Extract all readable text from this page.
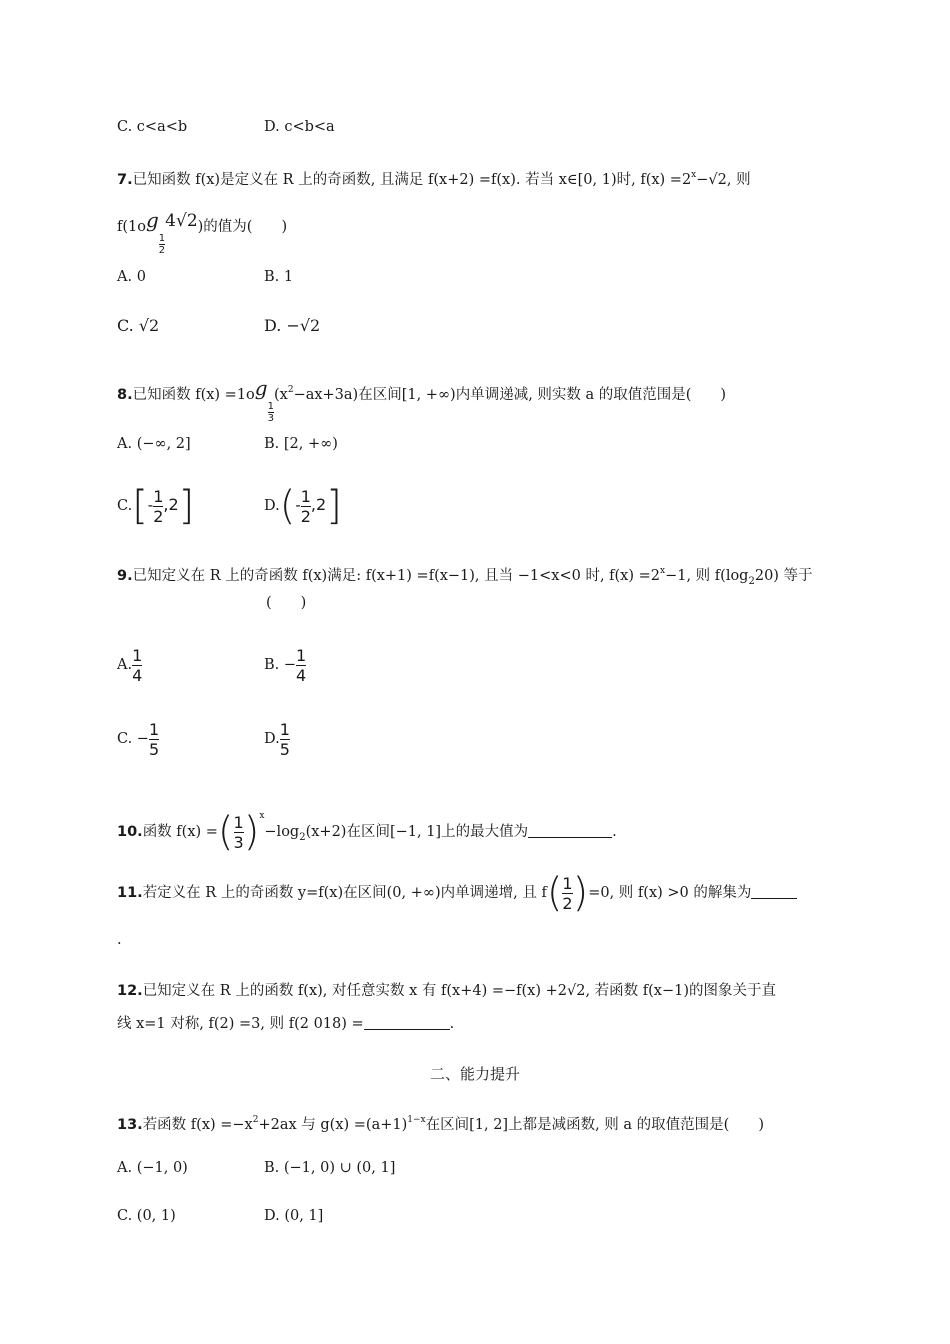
C. c<a<b	D. c<b<a
7.已知函数 f(x)是定义在 R 上的奇函数, 且满足 f(x+2) =f(x). 若当 x∈[0, 1)时, $f(x) =2^x-√2$, 则
f(1og
$\frac{1}{2}$
4√2)的值为(　　)
A. 0	B. 1
C. √2	D. −√2
8.已知函数 f(x) =1og
$\frac{1}{3}$
$(x^2-ax+3a)$在区间[1, +∞)内单调递减, 则实数 a 的取值范围是(　　)
A. (−∞, 2]	B. [2, +∞)
$C.[- \frac{1}{2} ,2]$	$D.(- \frac{1}{2} ,2]$
9.已知定义在 R 上的奇函数 f(x)满足: f(x+1) =f(x−1), 且当 −1<x<0 时, $f(x) =2^x-1$, 则 $f(\log_220)$ 等于
(　　)
A. $\frac{1}{4}$	B. − $\frac{1}{4}$
C. − $\frac{1}{5}$	D. $\frac{1}{5}$
10.函数 f(x) =( $\frac{1}{3} )^x-\log_2(x+2)$在区间[−1, 1]上的最大值为	.
11.若定义在 R 上的奇函数 y=f(x)在区间(0, +∞)内单调递增, 且 $f( \frac{1}{2} )=0$, 则 f(x) >0 的解集为
.
12.已知定义在 R 上的函数 f(x), 对任意实数 x 有 f(x+4) =−f(x) +2√2, 若函数 f(x−1)的图象关于直
线 x=1 对称, f(2) =3, 则 f(2 018) =	.
二、能力提升
13.若函数 $f(x) =-x^2+2ax$ 与 $g(x) =(a+1)^{1-x}$在区间[1, 2]上都是减函数, 则 a 的取值范围是(　　)
A. (−1, 0)	B. (−1, 0) ∪ (0, 1]
C. (0, 1)	D. (0, 1]
